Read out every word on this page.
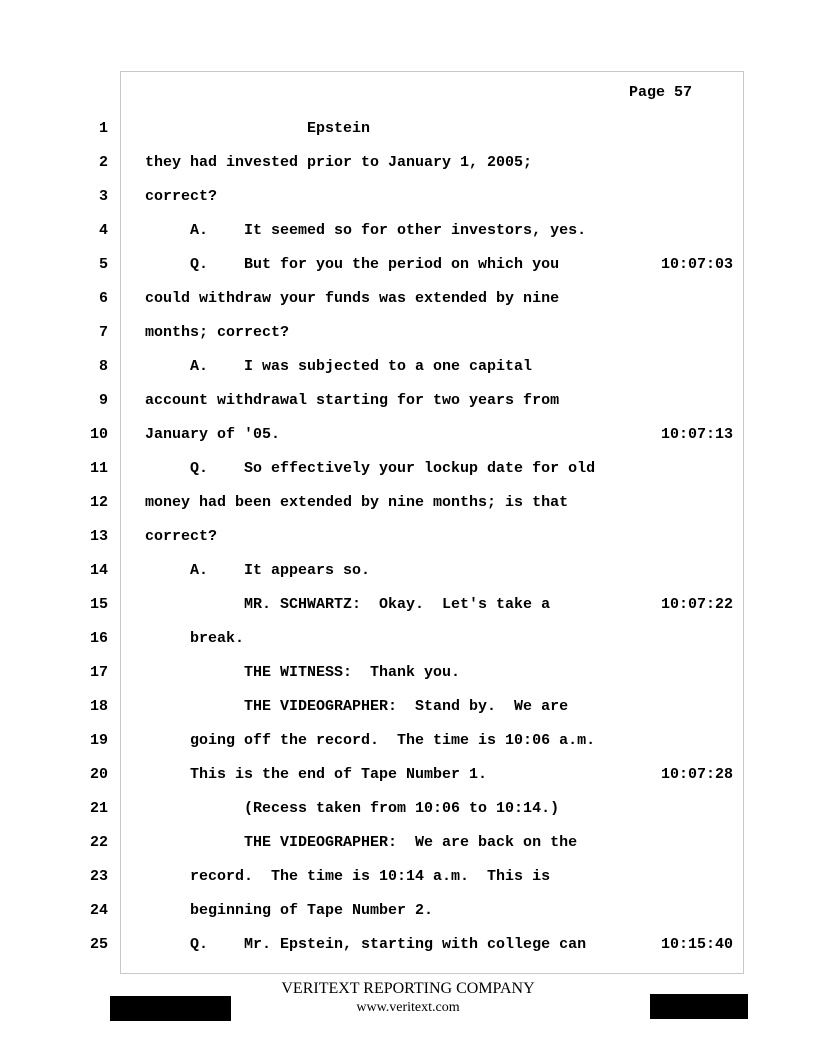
Page 57
1 Epstein
2 they had invested prior to January 1, 2005;
3 correct?
4 A.    It seemed so for other investors, yes.
5 Q.    But for you the period on which you	10:07:03
6 could withdraw your funds was extended by nine
7 months; correct?
8 A.    I was subjected to a one capital
9 account withdrawal starting for two years from
10 January of '05.	10:07:13
11 Q.    So effectively your lockup date for old
12 money had been extended by nine months; is that
13 correct?
14 A.    It appears so.
15 MR. SCHWARTZ:  Okay.  Let's take a	10:07:22
16 break.
17 THE WITNESS:  Thank you.
18 THE VIDEOGRAPHER:  Stand by.  We are
19 going off the record.  The time is 10:06 a.m.
20 This is the end of Tape Number 1.	10:07:28
21 (Recess taken from 10:06 to 10:14.)
22 THE VIDEOGRAPHER:  We are back on the
23 record.  The time is 10:14 a.m.  This is
24 beginning of Tape Number 2.
25 Q.    Mr. Epstein, starting with college can	10:15:40
VERITEXT REPORTING COMPANY
www.veritext.com
